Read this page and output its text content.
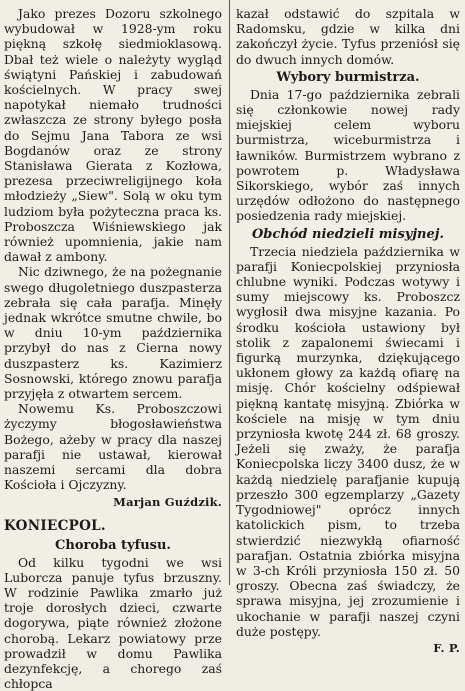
Jako prezes Dozoru szkolnego wybudował w 1928-ym roku piękną szkołę siedmioklasową. Dbał też wiele o należyty wygląd świątyni Pańskiej i zabudowań kościelnych. W pracy swej napotykał niemało trudności zwłaszcza ze strony byłego posła do Sejmu Jana Tabora ze wsi Bogdanów oraz ze strony Stanisława Gierata z Kozłowa, prezesa przeciwreligijnego koła młodzieży „Siew". Solą w oku tym ludziom była pożyteczna praca ks. Proboszcza Wiśniewskiego jak również upomnienia, jakie nam dawał z ambony.

Nic dziwnego, że na pożegnanie swego długoletniego duszpasterza zebrała się cała parafja. Minęły jednak wkrótce smutne chwile, bo w dniu 10-ym października przybył do nas z Cierna nowy duszpasterz ks. Kazimierz Sosnowski, którego znowu parafja przyjęła z otwartem sercem.

Nowemu Ks. Proboszczowi życzymy błogosławieństwa Bożego, ażeby w pracy dla naszej parafji nie ustawał, kierował naszemi sercami dla dobra Kościoła i Ojczyzny.

Marjan Guździk.
KONIECPOL.
Choroba tyfusu.

Od kilku tygodni we wsi Luborcza panuje tyfus brzuszny. W rodzinie Pawlika zmarło już troje dorosłych dzieci, czwarte dogorywa, piąte również złożone chorobą. Lekarz powiatowy prze prowadził w domu Pawlika dezynfekcję, a chorego zaś chłopca

kazał odstawić do szpitala w Radomsku, gdzie w kilka dni zakończył życie. Tyfus przeniósł się do dwuch innych domów.

Wybory burmistrza.

Dnia 17-go października zebrali się członkowie nowej rady miejskiej celem wyboru burmistrza, wiceburmistrza i ławników. Burmistrzem wybrano z powrotem p. Władysława Sikorskiego, wybór zaś innych urzędów odłożono do następnego posiedzenia rady miejskiej.

Obchód niedzieli misyjnej.

Trzecia niedziela października w parafji Koniecpolskiej przyniosła chlubne wyniki. Podczas wotywy i sumy miejscowy ks. Proboszcz wygłosił dwa misyjne kazania. Po środku kościoła ustawiony był stolik z zapalonemi świecami i figurką murzynka, dziękującego ukłonem głowy za każdą ofiarę na misję. Chór kościelny odśpiewał piękną kantatę misyjną. Zbiórka w kościele na misję w tym dniu przyniosła kwotę 244 zł. 68 groszy. Jeżeli się zważy, że parafja Koniecpolska liczy 3400 dusz, że w każdą niedzielę parafjanie kupują przeszło 300 egzemplarzy „Gazety Tygodniowej" oprócz innych katolickich pism, to trzeba stwierdzić niezwykłą ofiarność parafjan. Ostatnia zbiórka misyjna w 3-ch Króli przyniosła 150 zł. 50 groszy. Obecna zaś świadczy, że sprawa misyjna, jej zrozumienie i ukochanie w parafji naszej czyni duże postępy.

F. P.
